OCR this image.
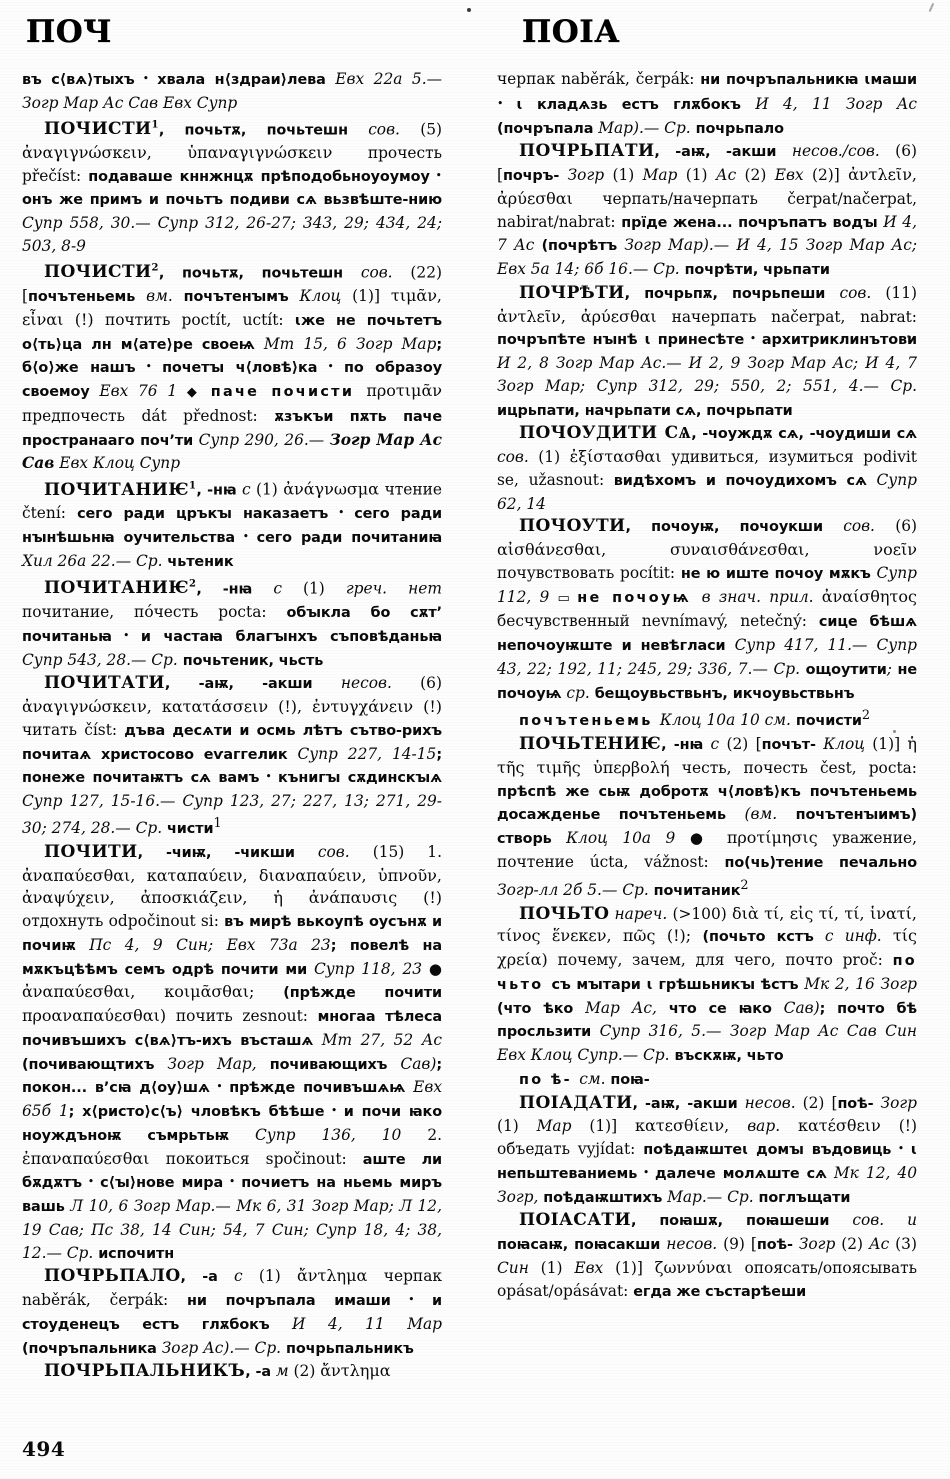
ПОЧ	ПОІА

въ с⟨вѧ⟩тыхъ • хвала н⟨здраи⟩лева Евх 22а 5.— Зогр Мар Ас Сав Евх Супр

ПОЧИСТИ$^1$, почьтѫ, почьтешн сов. (5) ἀναγιγνώσκειν, ὑπαναγιγνώσκειν прочесть přečíst: подаваше кннжнцѫ прѣподобьноуоумоу • онъ же примъ и почьтъ подиви сѧ вьзвѣште-нию Супр 558, 30.— Супр 312, 26-27; 343, 29; 434, 24; 503, 8-9

ПОЧИСТИ$^2$, почьтѫ, почьтешн сов. (22) [почътеньемь вм. почътенꙑмъ Клоц (1)] τιμᾶν, εἶναι (!) почтить poctít, uctít: ꙇже не почьтетъ о⟨ть⟩ца лн м⟨ате⟩ре своеѩ Мт 15, 6 Зогр Мар; б⟨о⟩же нашъ • почетꙑ ч⟨ловѣ⟩ка • по образоу своемоу Евх 76 1 ◆ паче почисти προτιμᾶν предпочесть dát přednost: ѫзъкъи пѫть паче пространааго поч’ти Супр 290, 26.— Зогр Мар Ас Сав Евх Клоц Супр

ПОЧИТАНИѤ$^1$, -нꙗ с (1) ἀνάγνωσμα чтение čtení: сего ради цръкꙑ наказаетъ • сего ради нꙑнѣшьнꙗ оучительства • сего ради почитаниꙗ Хил 26а 22.— Ср. чьтеник

ПОЧИТАНИѤ$^2$, -нꙗ с (1) греч. нет почитание, по́честь pocta: обꙑкла бо сѫт’ почитаньꙗ • и частаꙗ благꙑнхъ съповѣданьꙗ Супр 543, 28.— Ср. почьтеник, чьсть

ПОЧИТАТИ, -аѭ, -акши несов. (6) ἀναγιγνώσκειν, κατατάσσειν (!), ἐντυγχάνειν (!) читать číst: дъва десѧти и осмь лѣтъ сътво-рихъ почитаѧ христосово еѵаггелик Супр 227, 14-15; понеже почитаѭтъ сѧ вамъ • кънигꙑ сѫдинскꙑѧ Супр 127, 15-16.— Супр 123, 27; 227, 13; 271, 29-30; 274, 28.— Ср. чисти$^1$

ПОЧИТИ, -чиѭ, -чикши сов. (15) 1. ἀναπαύεσθαι, καταπαύειν, διαναπαύειν, ὑπνοῦν, ἀναψύχειν, ἀποσκιάζειν, ἡ ἀνάπαυσις (!) отдохнуть odpočinout si: въ мирѣ вькоупѣ оусънѫ и почиѭ Пс 4, 9 Син; Евх 73а 23; повелѣ на мѫкъцѣѣмъ семъ одрѣ почити ми Супр 118, 23 ● ἀναπαύεσθαι, κοιμᾶσθαι; (прѣжде почити προαναπαύεσθαι) почить zesnout: многаа тѣлеса почивъшихъ с⟨вѧ⟩тъ-ихъ въсташѧ Мт 27, 52 Ас (почивающтихъ Зогр Мар, почивающихъ Сав); покон... в’сꙗ д⟨оу⟩шѧ • прѣжде почивъшѧѩ Евх 65б 1; х⟨ристо⟩с⟨ъ⟩ чловѣкъ бѣѣше • и почи ꙗко ноуждъноѭ съмрьтьѭ Супр 136, 10 2. ἐπαναπαύεσθαι покоиться spočinout: аште ли бѫдѫтъ • с⟨ꙑ⟩нове мира • почиетъ на ньемь миръ вашь Л 10, 6 Зогр Мар.— Мк 6, 31 Зогр Мар; Л 12, 19 Сав; Пс 38, 14 Син; 54, 7 Син; Супр 18, 4; 38, 12.— Ср. испочитн

ПОЧРЬПАЛО, -а с (1) ἄντλημα черпак naběrák, čerpák: ни почръпала имаши • и стоуденецъ естъ глѫбокъ И 4, 11 Мар (почръпальника Зогр Ас).— Ср. почрьпальникъ

ПОЧРЬПАЛЬНИКЪ, -а м (2) ἄντλημα

черпак naběrák, čerpák: ни почръпальникꙗ ꙇмаши • ꙇ кладѧзь естъ глѫбокъ И 4, 11 Зогр Ас (почръпала Мар).— Ср. почрьпало

ПОЧРЬПАТИ, -аѭ, -акши несов./сов. (6) [почръ- Зогр (1) Мар (1) Ас (2) Евх (2)] ἀντλεῖν, ἀρύεσθαι черпать/начерпать čerpat/načerpat, nabirat/nabrat: прїде жена... почръпатъ водꙑ И 4, 7 Ас (почрѣтъ Зогр Мар).— И 4, 15 Зогр Мар Ас; Евх 5а 14; 6б 16.— Ср. почрѣти, чрьпати

ПОЧРѢТИ, почрьпѫ, почрьпеши сов. (11) ἀντλεῖν, ἀρύεσθαι начерпать načerpat, nabrat: почръпѣте нꙑнѣ ꙇ принесѣте • архитриклинътови И 2, 8 Зогр Мар Ас.— И 2, 9 Зогр Мар Ас; И 4, 7 Зогр Мар; Супр 312, 29; 550, 2; 551, 4.— Ср. ицрьпати, начрьпати сѧ, почрьпати

ПОЧОУДИТИ СѦ, -чоуждѫ сѧ, -чоудиши сѧ сов. (1) ἐξίστασθαι удивиться, изумиться podivit se, užasnout: видѣхомъ и почоудихомъ сѧ Супр 62, 14

ПОЧОУТИ, почоуѭ, почоукши сов. (6) αἰσθάνεσθαι, συναισθάνεσθαι, νοεῖν почувствовать pocítit: не ю иште почоу мѫкъ Супр 112, 9 ▭ не почоуѩ в знач. прил. ἀναίσθητος бесчувственный nevnímavý, netečný: сице бѣшѧ непочоуѭште и невѣгласи Супр 417, 11.— Супр 43, 22; 192, 11; 245, 29; 336, 7.— Ср. ощоутити; не почоуѩ ср. бещоувьствьнъ, икчоувьствьнъ

почътеньемь Клоц 10а 10 см. почисти$^2$

ПОЧЬТЕНИѤ, -нꙗ с (2) [почът- Клоц (1)] ἡ τῆς τιμῆς ὑπερβολή честь, почесть čest, pocta: прѣспѣ же сьѭ добротѫ ч⟨ловѣ⟩къ почътеньемь досажденье почътеньемь (вм. почътенꙑимъ) створь Клоц 10а 9 ● προτίμησις уважение, почтение úcta, vážnost: по(чь)тение печально Зогр-лл 2б 5.— Ср. почитаник$^2$

ПОЧЬТО нареч. (>100) διὰ τί, εἰς τί, τί, ἱνατί, τίνος ἕνεκεν, πῶς (!); (почьто кстъ с инф. τίς χρεία) почему, зачем, для чего, почто proč: по чьто съ мꙑтари ꙇ грѣшьникꙑ ѣстъ Мк 2, 16 Зогр (что ѣко Мар Ас, что се ꙗко Сав); почто бѣ просльзити Супр 316, 5.— Зогр Мар Ас Сав Син Евх Клоц Супр.— Ср. въскѫѭ, чьто

по ѣ- см. поꙗ-

ПОІАДАТИ, -аѭ, -акши несов. (2) [поѣ- Зогр (1) Мар (1)] κατεσθίειν, вар. κατέσθειν (!) объедать vyjídat: поѣдаѭштеꙇ домꙑ въдовиць • ꙇ непьштеваниемь • далече молѧште сѧ Мк 12, 40 Зогр, поѣдаѭштихъ Мар.— Ср. поглъщати

ПОІАСАТИ, поꙗшѫ, поꙗшеши сов. и поꙗсаѭ, поꙗсакши несов. (9) [поѣ- Зогр (2) Ас (3) Син (1) Евх (1)] ζωννύναι опоясать/опоясывать opásat/opásávat: егда же състарѣеши

494
